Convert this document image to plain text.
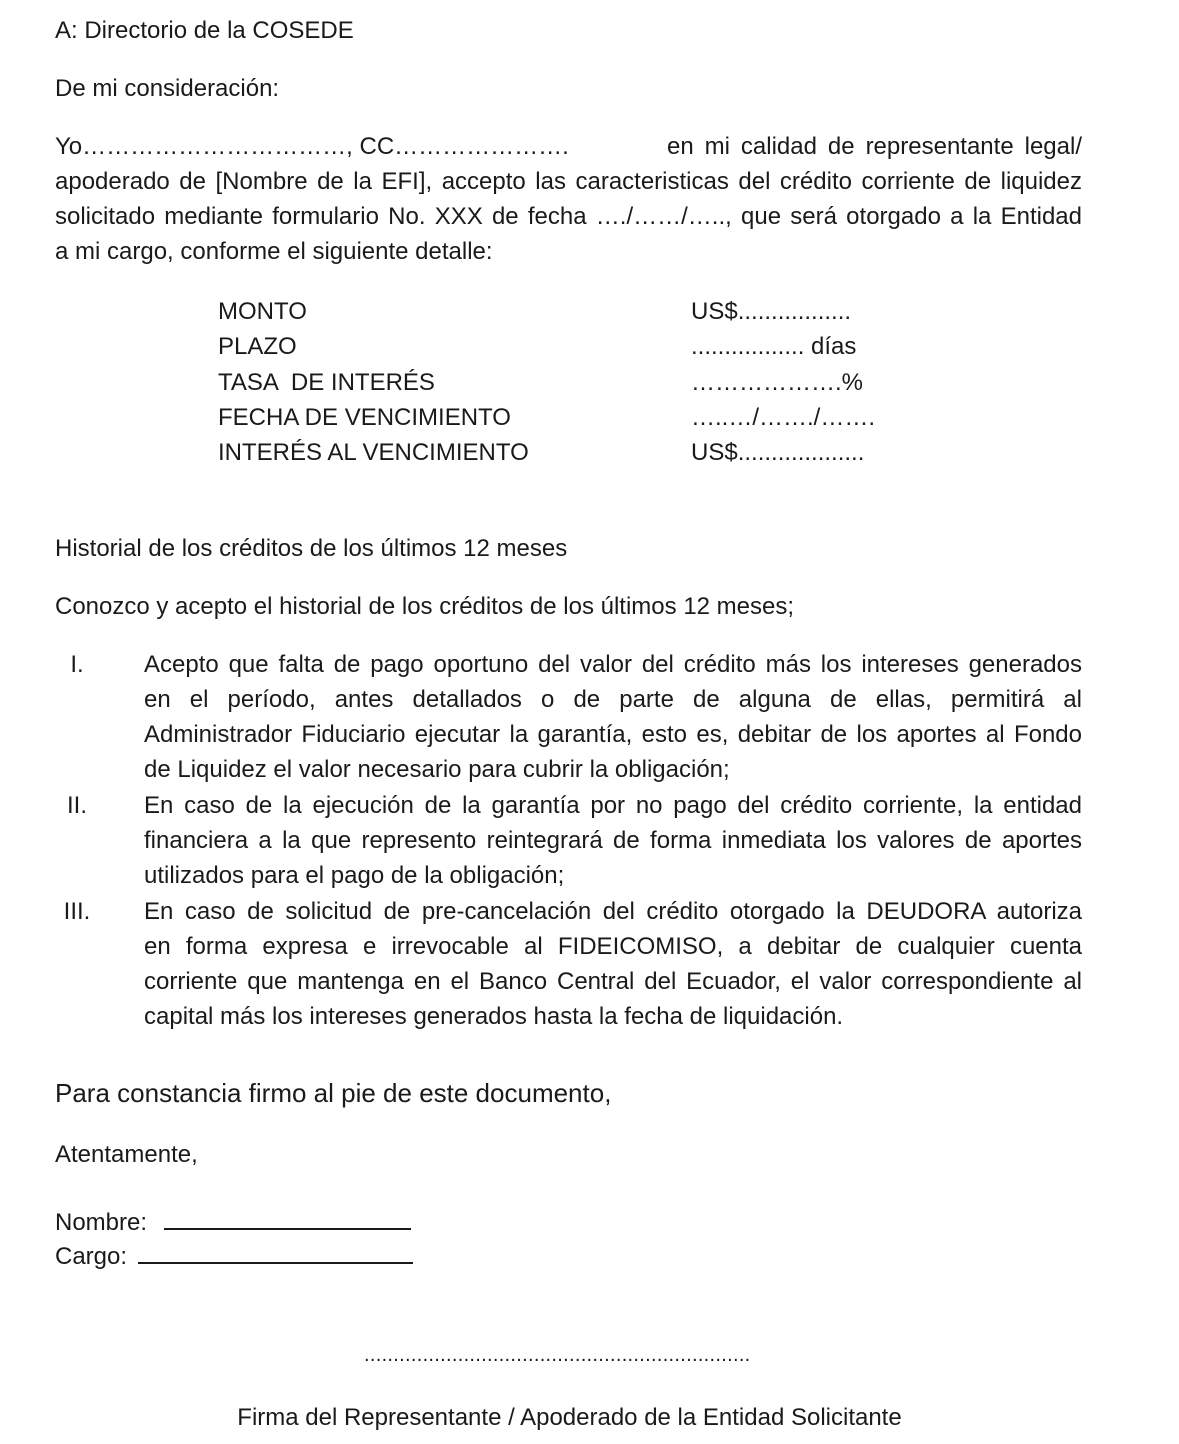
A: Directorio de la COSEDE
De mi consideración:
Yo……………………………, CC………………….	en mi calidad de representante legal/
apoderado de [Nombre de la EFI], accepto las caracteristicas del crédito corriente de liquidez
solicitado mediante formulario No. XXX de fecha …./……/….., que será otorgado a la Entidad
a mi cargo, conforme el siguiente detalle:
MONTO	US$.................
PLAZO	................. días
TASA  DE INTERÉS	……………….%
FECHA DE VENCIMIENTO	…..…/……./…….
INTERÉS AL VENCIMIENTO	US$...................
Historial de los créditos de los últimos 12 meses
Conozco y acepto el historial de los créditos de los últimos 12 meses;
I.	Acepto que falta de pago oportuno del valor del crédito más los intereses generados
en el período, antes detallados o de parte de alguna de ellas, permitirá al
Administrador Fiduciario ejecutar la garantía, esto es, debitar de los aportes al Fondo
de Liquidez el valor necesario para cubrir la obligación;
II.	En caso de la ejecución de la garantía por no pago del crédito corriente, la entidad
financiera a la que represento reintegrará de forma inmediata los valores de aportes
utilizados para el pago de la obligación;
III.	En caso de solicitud de pre-cancelación del crédito otorgado la DEUDORA autoriza
en forma expresa e irrevocable al FIDEICOMISO, a debitar de cualquier cuenta
corriente que mantenga en el Banco Central del Ecuador, el valor correspondiente al
capital más los intereses generados hasta la fecha de liquidación.
Para constancia firmo al pie de este documento,
Atentamente,
Nombre:
Cargo:
..................................................................
Firma del Representante / Apoderado de la Entidad Solicitante
